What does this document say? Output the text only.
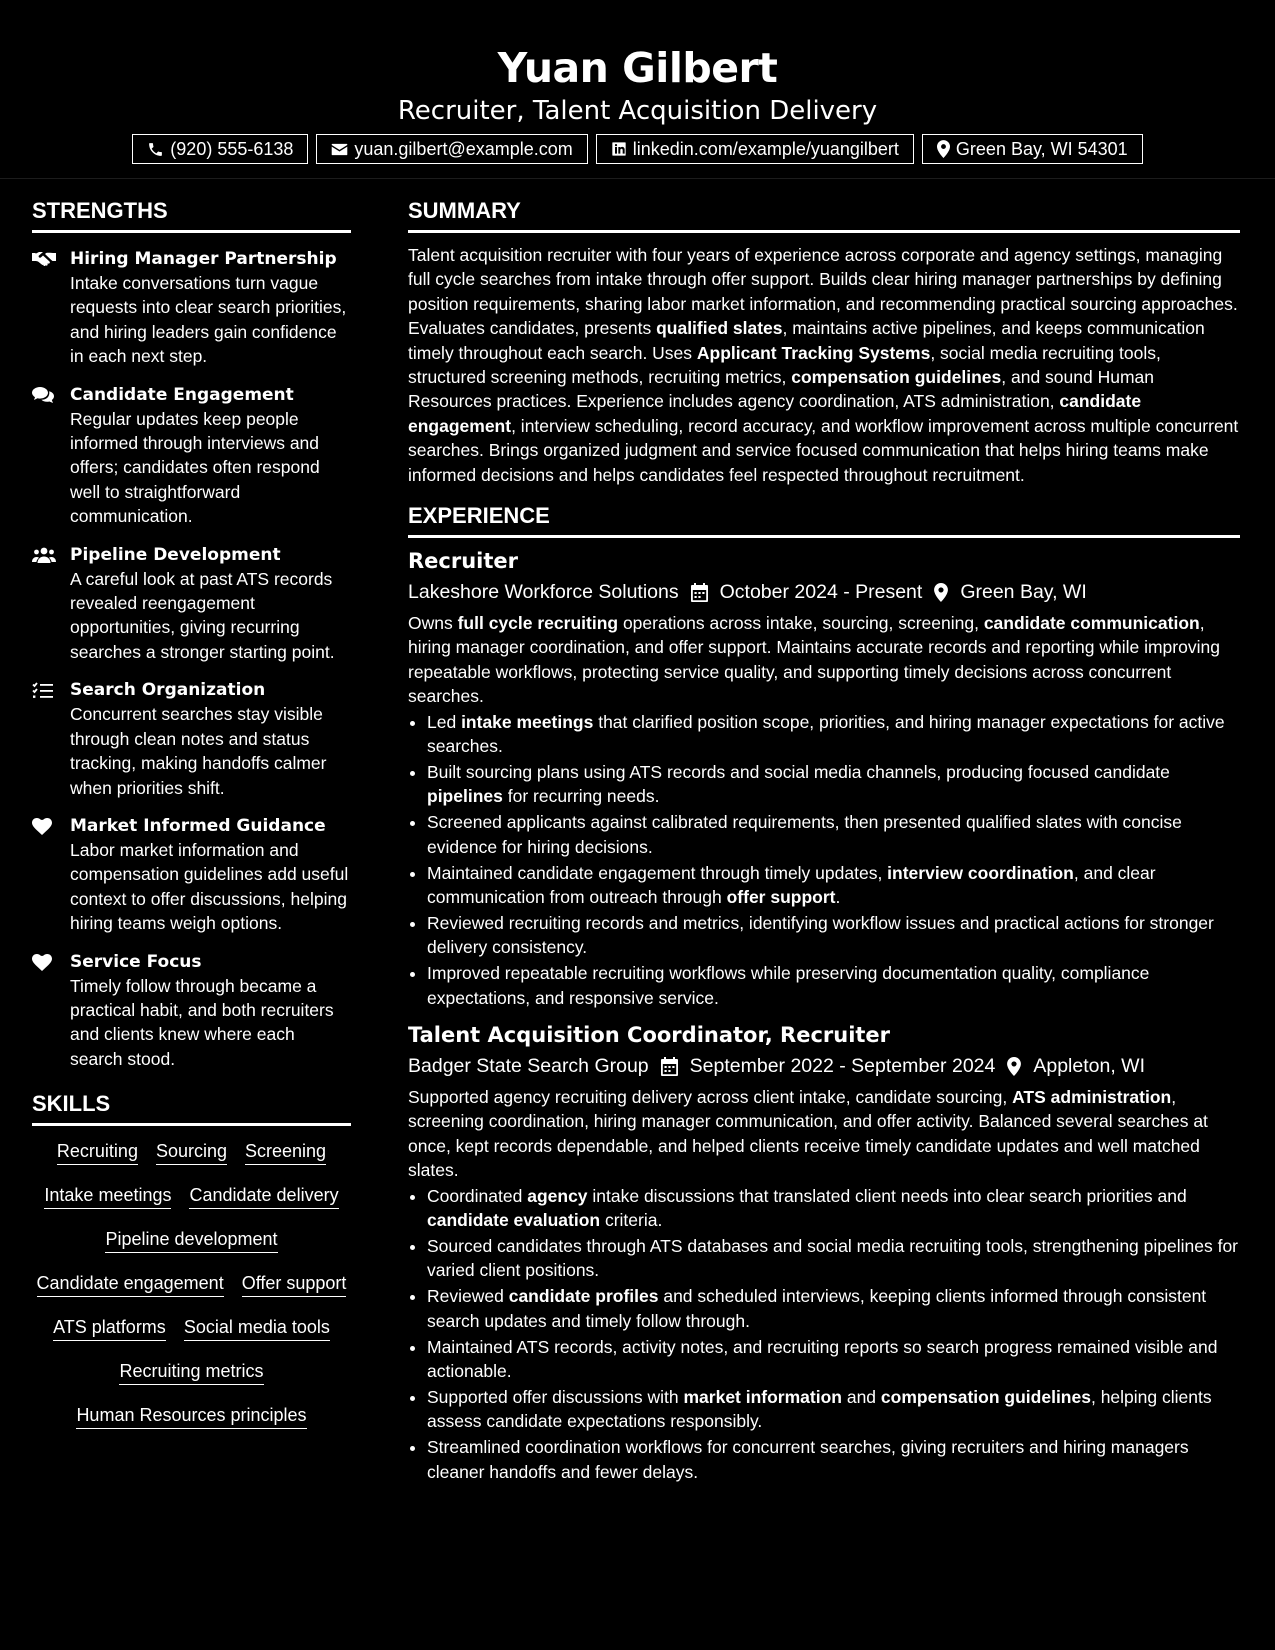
Yuan Gilbert
Recruiter, Talent Acquisition Delivery
(920) 555-6138	yuan.gilbert@example.com	linkedin.com/example/yuangilbert	Green Bay, WI 54301
STRENGTHS
Hiring Manager Partnership
Intake conversations turn vague requests into clear search priorities, and hiring leaders gain confidence in each next step.
Candidate Engagement
Regular updates keep people informed through interviews and offers; candidates often respond well to straightforward communication.
Pipeline Development
A careful look at past ATS records revealed reengagement opportunities, giving recurring searches a stronger starting point.
Search Organization
Concurrent searches stay visible through clean notes and status tracking, making handoffs calmer when priorities shift.
Market Informed Guidance
Labor market information and compensation guidelines add useful context to offer discussions, helping hiring teams weigh options.
Service Focus
Timely follow through became a practical habit, and both recruiters and clients knew where each search stood.
SKILLS
Recruiting Sourcing Screening
Intake meetings Candidate delivery
Pipeline development
Candidate engagement Offer support
ATS platforms Social media tools
Recruiting metrics
Human Resources principles
SUMMARY
Talent acquisition recruiter with four years of experience across corporate and agency settings, managing full cycle searches from intake through offer support. Builds clear hiring manager partnerships by defining position requirements, sharing labor market information, and recommending practical sourcing approaches. Evaluates candidates, presents qualified slates, maintains active pipelines, and keeps communication timely throughout each search. Uses Applicant Tracking Systems, social media recruiting tools, structured screening methods, recruiting metrics, compensation guidelines, and sound Human Resources practices. Experience includes agency coordination, ATS administration, candidate engagement, interview scheduling, record accuracy, and workflow improvement across multiple concurrent searches. Brings organized judgment and service focused communication that helps hiring teams make informed decisions and helps candidates feel respected throughout recruitment.
EXPERIENCE
Recruiter
Lakeshore Workforce Solutions October 2024 - Present Green Bay, WI
Owns full cycle recruiting operations across intake, sourcing, screening, candidate communication, hiring manager coordination, and offer support. Maintains accurate records and reporting while improving repeatable workflows, protecting service quality, and supporting timely decisions across concurrent searches.
• Led intake meetings that clarified position scope, priorities, and hiring manager expectations for active searches.
• Built sourcing plans using ATS records and social media channels, producing focused candidate pipelines for recurring needs.
• Screened applicants against calibrated requirements, then presented qualified slates with concise evidence for hiring decisions.
• Maintained candidate engagement through timely updates, interview coordination, and clear communication from outreach through offer support.
• Reviewed recruiting records and metrics, identifying workflow issues and practical actions for stronger delivery consistency.
• Improved repeatable recruiting workflows while preserving documentation quality, compliance expectations, and responsive service.
Talent Acquisition Coordinator, Recruiter
Badger State Search Group September 2022 - September 2024 Appleton, WI
Supported agency recruiting delivery across client intake, candidate sourcing, ATS administration, screening coordination, hiring manager communication, and offer activity. Balanced several searches at once, kept records dependable, and helped clients receive timely candidate updates and well matched slates.
• Coordinated agency intake discussions that translated client needs into clear search priorities and candidate evaluation criteria.
• Sourced candidates through ATS databases and social media recruiting tools, strengthening pipelines for varied client positions.
• Reviewed candidate profiles and scheduled interviews, keeping clients informed through consistent search updates and timely follow through.
• Maintained ATS records, activity notes, and recruiting reports so search progress remained visible and actionable.
• Supported offer discussions with market information and compensation guidelines, helping clients assess candidate expectations responsibly.
• Streamlined coordination workflows for concurrent searches, giving recruiters and hiring managers cleaner handoffs and fewer delays.
